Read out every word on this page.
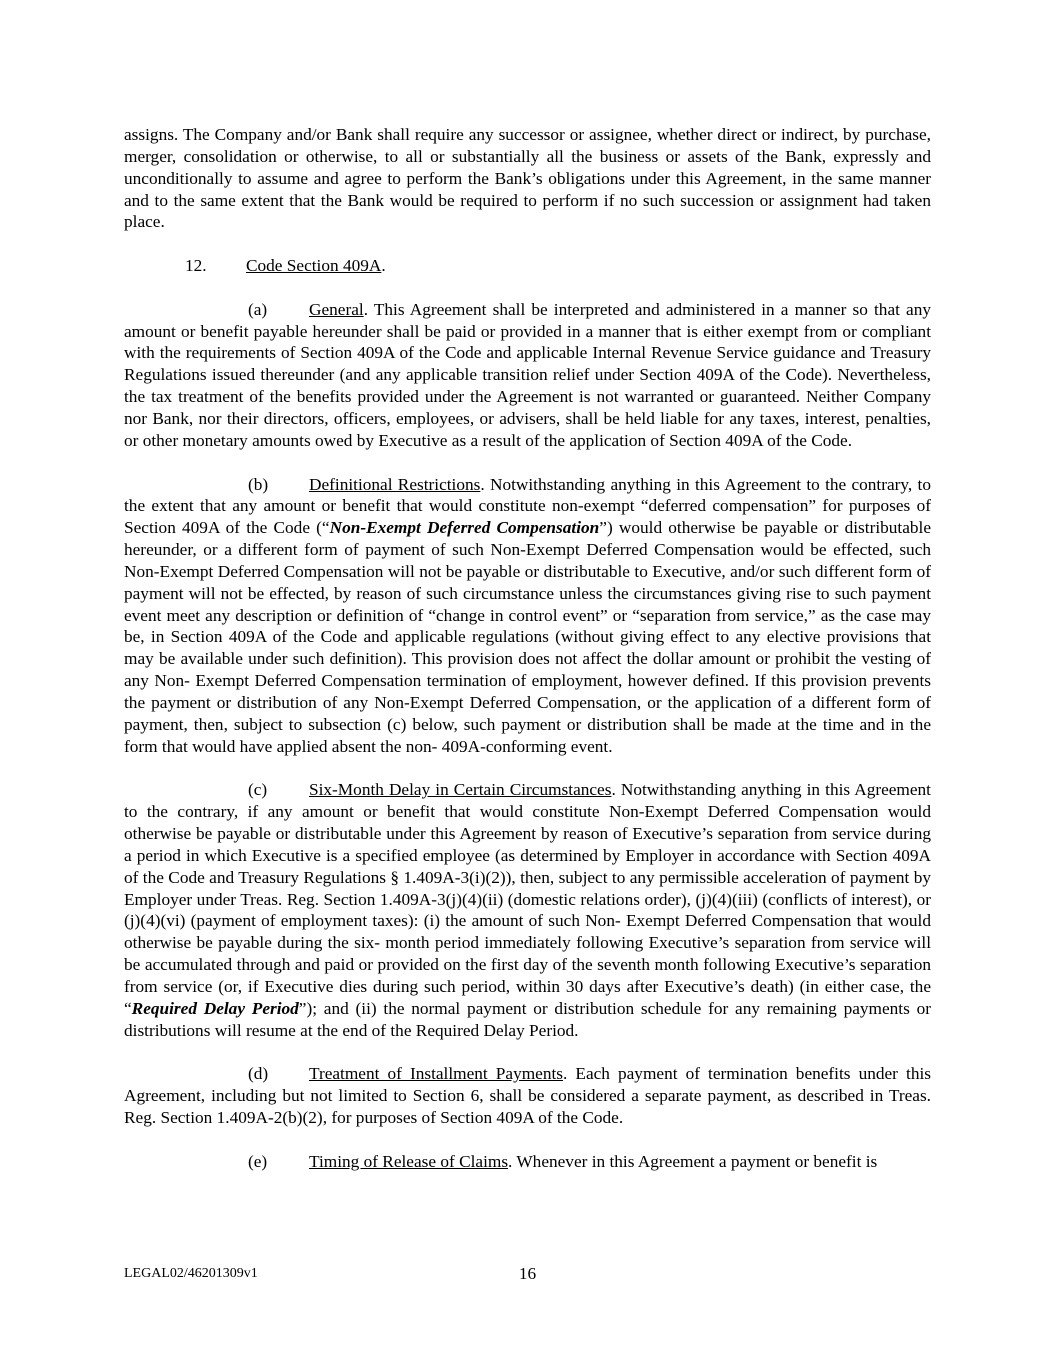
assigns. The Company and/or Bank shall require any successor or assignee, whether direct or indirect, by purchase, merger, consolidation or otherwise, to all or substantially all the business or assets of the Bank, expressly and unconditionally to assume and agree to perform the Bank’s obligations under this Agreement, in the same manner and to the same extent that the Bank would be required to perform if no such succession or assignment had taken place.

12. Code Section 409A.

(a) General. This Agreement shall be interpreted and administered in a manner so that any amount or benefit payable hereunder shall be paid or provided in a manner that is either exempt from or compliant with the requirements of Section 409A of the Code and applicable Internal Revenue Service guidance and Treasury Regulations issued thereunder (and any applicable transition relief under Section 409A of the Code). Nevertheless, the tax treatment of the benefits provided under the Agreement is not warranted or guaranteed. Neither Company nor Bank, nor their directors, officers, employees, or advisers, shall be held liable for any taxes, interest, penalties, or other monetary amounts owed by Executive as a result of the application of Section 409A of the Code.

(b) Definitional Restrictions. Notwithstanding anything in this Agreement to the contrary, to the extent that any amount or benefit that would constitute non-exempt “deferred compensation” for purposes of Section 409A of the Code (“Non-Exempt Deferred Compensation”) would otherwise be payable or distributable hereunder, or a different form of payment of such Non-Exempt Deferred Compensation would be effected, such Non-Exempt Deferred Compensation will not be payable or distributable to Executive, and/or such different form of payment will not be effected, by reason of such circumstance unless the circumstances giving rise to such payment event meet any description or definition of “change in control event” or “separation from service,” as the case may be, in Section 409A of the Code and applicable regulations (without giving effect to any elective provisions that may be available under such definition). This provision does not affect the dollar amount or prohibit the vesting of any Non- Exempt Deferred Compensation termination of employment, however defined. If this provision prevents the payment or distribution of any Non-Exempt Deferred Compensation, or the application of a different form of payment, then, subject to subsection (c) below, such payment or distribution shall be made at the time and in the form that would have applied absent the non- 409A-conforming event.

(c) Six-Month Delay in Certain Circumstances. Notwithstanding anything in this Agreement to the contrary, if any amount or benefit that would constitute Non-Exempt Deferred Compensation would otherwise be payable or distributable under this Agreement by reason of Executive’s separation from service during a period in which Executive is a specified employee (as determined by Employer in accordance with Section 409A of the Code and Treasury Regulations § 1.409A-3(i)(2)), then, subject to any permissible acceleration of payment by Employer under Treas. Reg. Section 1.409A-3(j)(4)(ii) (domestic relations order), (j)(4)(iii) (conflicts of interest), or (j)(4)(vi) (payment of employment taxes): (i) the amount of such Non- Exempt Deferred Compensation that would otherwise be payable during the six- month period immediately following Executive’s separation from service will be accumulated through and paid or provided on the first day of the seventh month following Executive’s separation from service (or, if Executive dies during such period, within 30 days after Executive’s death) (in either case, the “Required Delay Period”); and (ii) the normal payment or distribution schedule for any remaining payments or distributions will resume at the end of the Required Delay Period.

(d) Treatment of Installment Payments. Each payment of termination benefits under this Agreement, including but not limited to Section 6, shall be considered a separate payment, as described in Treas. Reg. Section 1.409A-2(b)(2), for purposes of Section 409A of the Code.

(e) Timing of Release of Claims. Whenever in this Agreement a payment or benefit is

LEGAL02/46201309v1	16
